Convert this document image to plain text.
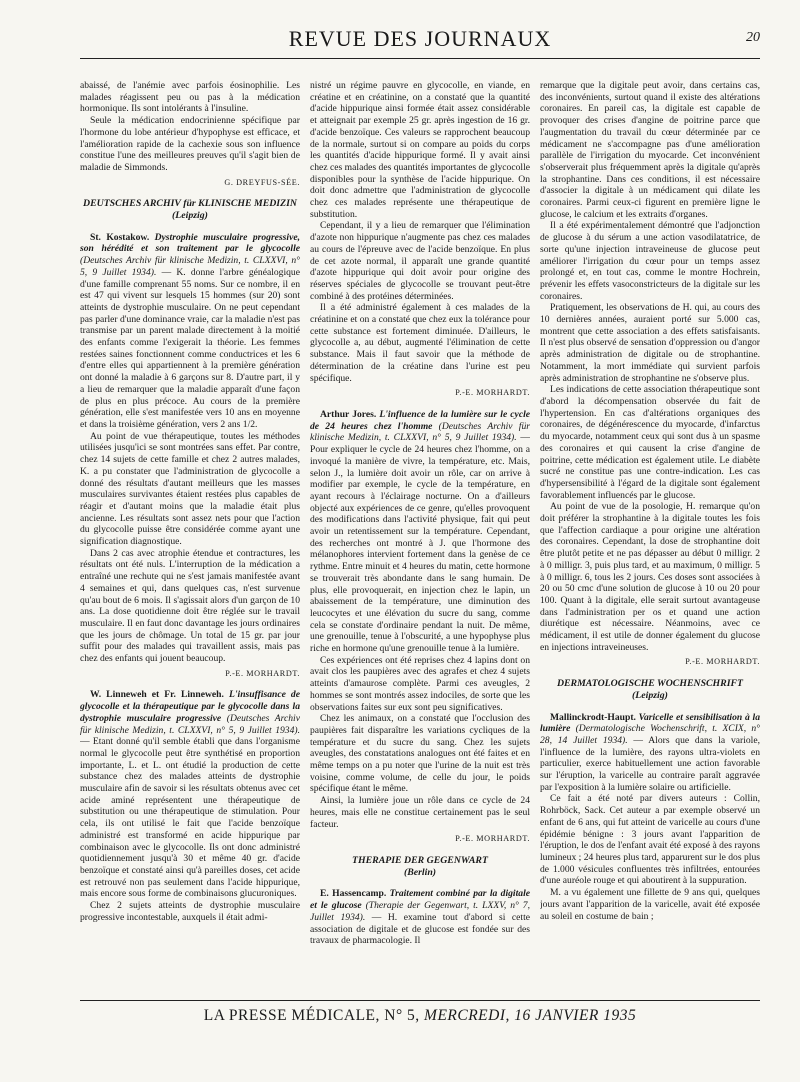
REVUE DES JOURNAUX	20

abaissé, de l'anémie avec parfois éosinophilie. Les malades réagissent peu ou pas à la médication hormonique. Ils sont intolérants à l'insuline.

Seule la médication endocrinienne spécifique par l'hormone du lobe antérieur d'hypophyse est efficace, et l'amélioration rapide de la cachexie sous son influence constitue l'une des meilleures preuves qu'il s'agit bien de maladie de Simmonds.

G. DREYFUS-SÉE.

DEUTSCHES ARCHIV für KLINISCHE MEDIZIN
(Leipzig)

St. Kostakow. Dystrophie musculaire progressive, son hérédité et son traitement par le glycocolle (Deutsches Archiv für klinische Medizin, t. CLXXVI, n° 5, 9 Juillet 1934). — K. donne l'arbre généalogique d'une famille comprenant 55 noms. Sur ce nombre, il en est 47 qui vivent sur lesquels 15 hommes (sur 20) sont atteints de dystrophie musculaire. On ne peut cependant pas parler d'une dominance vraie, car la maladie n'est pas transmise par un parent malade directement à la moitié des enfants comme l'exigerait la théorie. Les femmes restées saines fonctionnent comme conductrices et les 6 d'entre elles qui appartiennent à la première génération ont donné la maladie à 6 garçons sur 8. D'autre part, il y a lieu de remarquer que la maladie apparaît d'une façon de plus en plus précoce. Au cours de la première génération, elle s'est manifestée vers 10 ans en moyenne et dans la troisième génération, vers 2 ans 1/2.

Au point de vue thérapeutique, toutes les méthodes utilisées jusqu'ici se sont montrées sans effet. Par contre, chez 14 sujets de cette famille et chez 2 autres malades, K. a pu constater que l'administration de glycocolle a donné des résultats d'autant meilleurs que les masses musculaires survivantes étaient restées plus capables de réagir et d'autant moins que la maladie était plus ancienne. Les résultats sont assez nets pour que l'action du glycocolle puisse être considérée comme ayant une signification diagnostique.

Dans 2 cas avec atrophie étendue et contractures, les résultats ont été nuls. L'interruption de la médication a entraîné une rechute qui ne s'est jamais manifestée avant 4 semaines et qui, dans quelques cas, n'est survenue qu'au bout de 6 mois. Il s'agissait alors d'un garçon de 10 ans. La dose quotidienne doit être réglée sur le travail musculaire. Il en faut donc davantage les jours ordinaires que les jours de chômage. Un total de 15 gr. par jour suffit pour des malades qui travaillent assis, mais pas chez des enfants qui jouent beaucoup.

P.-E. MORHARDT.

W. Linneweh et Fr. Linneweh. L'insuffisance de glycocolle et la thérapeutique par le glycocolle dans la dystrophie musculaire progressive (Deutsches Archiv für klinische Medizin, t. CLXXVI, n° 5, 9 Juillet 1934). — Etant donné qu'il semble établi que dans l'organisme normal le glycocolle peut être synthétisé en proportion importante, L. et L. ont étudié la production de cette substance chez des malades atteints de dystrophie musculaire afin de savoir si les résultats obtenus avec cet acide aminé représentent une thérapeutique de substitution ou une thérapeutique de stimulation. Pour cela, ils ont utilisé le fait que l'acide benzoïque administré est transformé en acide hippurique par combinaison avec le glycocolle. Ils ont donc administré quotidiennement jusqu'à 30 et même 40 gr. d'acide benzoïque et constaté ainsi qu'à pareilles doses, cet acide est retrouvé non pas seulement dans l'acide hippurique, mais encore sous forme de combinaisons glucuroniques.

Chez 2 sujets atteints de dystrophie musculaire progressive incontestable, auxquels il était admi-

nistré un régime pauvre en glycocolle, en viande, en créatine et en créatinine, on a constaté que la quantité d'acide hippurique ainsi formée était assez considérable et atteignait par exemple 25 gr. après ingestion de 16 gr. d'acide benzoïque. Ces valeurs se rapprochent beaucoup de la normale, surtout si on compare au poids du corps les quantités d'acide hippurique formé. Il y avait ainsi chez ces malades des quantités importantes de glycocolle disponibles pour la synthèse de l'acide hippurique. On doit donc admettre que l'administration de glycocolle chez ces malades représente une thérapeutique de substitution.

Cependant, il y a lieu de remarquer que l'élimination d'azote non hippurique n'augmente pas chez ces malades au cours de l'épreuve avec de l'acide benzoïque. En plus de cet azote normal, il apparaît une grande quantité d'azote hippurique qui doit avoir pour origine des réserves spéciales de glycocolle se trouvant peut-être combiné à des protéines déterminées.

Il a été administré également à ces malades de la créatinine et on a constaté que chez eux la tolérance pour cette substance est fortement diminuée. D'ailleurs, le glycocolle a, au début, augmenté l'élimination de cette substance. Mais il faut savoir que la méthode de détermination de la créatine dans l'urine est peu spécifique.

P.-E. MORHARDT.

Arthur Jores. L'influence de la lumière sur le cycle de 24 heures chez l'homme (Deutsches Archiv für klinische Medizin, t. CLXXVI, n° 5, 9 Juillet 1934). — Pour expliquer le cycle de 24 heures chez l'homme, on a invoqué la manière de vivre, la température, etc. Mais, selon J., la lumière doit avoir un rôle, car on arrive à modifier par exemple, le cycle de la température, en ayant recours à l'éclairage nocturne. On a d'ailleurs objecté aux expériences de ce genre, qu'elles provoquent des modifications dans l'activité physique, fait qui peut avoir un retentissement sur la température. Cependant, des recherches ont montré à J. que l'hormone des mélanophores intervient fortement dans la genèse de ce rythme. Entre minuit et 4 heures du matin, cette hormone se trouverait très abondante dans le sang humain. De plus, elle provoquerait, en injection chez le lapin, un abaissement de la température, une diminution des leucocytes et une élévation du sucre du sang, comme cela se constate d'ordinaire pendant la nuit. De même, une grenouille, tenue à l'obscurité, a une hypophyse plus riche en hormone qu'une grenouille tenue à la lumière.

Ces expériences ont été reprises chez 4 lapins dont on avait clos les paupières avec des agrafes et chez 4 sujets atteints d'amaurose complète. Parmi ces aveugles, 2 hommes se sont montrés assez indociles, de sorte que les observations faites sur eux sont peu significatives.

Chez les animaux, on a constaté que l'occlusion des paupières fait disparaître les variations cycliques de la température et du sucre du sang. Chez les sujets aveugles, des constatations analogues ont été faites et en même temps on a pu noter que l'urine de la nuit est très voisine, comme volume, de celle du jour, le poids spécifique étant le même.

Ainsi, la lumière joue un rôle dans ce cycle de 24 heures, mais elle ne constitue certainement pas le seul facteur.

P.-E. MORHARDT.

THERAPIE DER GEGENWART
(Berlin)

E. Hassencamp. Traitement combiné par la digitale et le glucose (Therapie der Gegenwart, t. LXXV, n° 7, Juillet 1934). — H. examine tout d'abord si cette association de digitale et de glucose est fondée sur des travaux de pharmacologie. Il

remarque que la digitale peut avoir, dans certains cas, des inconvénients, surtout quand il existe des altérations coronaires. En pareil cas, la digitale est capable de provoquer des crises d'angine de poitrine parce que l'augmentation du travail du cœur déterminée par ce médicament ne s'accompagne pas d'une amélioration parallèle de l'irrigation du myocarde. Cet inconvénient s'observerait plus fréquemment après la digitale qu'après la strophantine. Dans ces conditions, il est nécessaire d'associer la digitale à un médicament qui dilate les coronaires. Parmi ceux-ci figurent en première ligne le glucose, le calcium et les extraits d'organes.

Il a été expérimentalement démontré que l'adjonction de glucose à du sérum a une action vasodilatatrice, de sorte qu'une injection intraveineuse de glucose peut améliorer l'irrigation du cœur pour un temps assez prolongé et, en tout cas, comme le montre Hochrein, prévenir les effets vasoconstricteurs de la digitale sur les coronaires.

Pratiquement, les observations de H. qui, au cours des 10 dernières années, auraient porté sur 5.000 cas, montrent que cette association a des effets satisfaisants. Il n'est plus observé de sensation d'oppression ou d'angor après administration de digitale ou de strophantine. Notamment, la mort immédiate qui survient parfois après administration de strophantine ne s'observe plus.

Les indications de cette association thérapeutique sont d'abord la décompensation observée du fait de l'hypertension. En cas d'altérations organiques des coronaires, de dégénérescence du myocarde, d'infarctus du myocarde, notamment ceux qui sont dus à un spasme des coronaires et qui causent la crise d'angine de poitrine, cette médication est également utile. Le diabète sucré ne constitue pas une contre-indication. Les cas d'hypersensibilité à l'égard de la digitale sont également favorablement influencés par le glucose.

Au point de vue de la posologie, H. remarque qu'on doit préférer la strophantine à la digitale toutes les fois que l'affection cardiaque a pour origine une altération des coronaires. Cependant, la dose de strophantine doit être plutôt petite et ne pas dépasser au début 0 milligr. 2 à 0 milligr. 3, puis plus tard, et au maximum, 0 milligr. 5 à 0 milligr. 6, tous les 2 jours. Ces doses sont associées à 20 ou 50 cmc d'une solution de glucose à 10 ou 20 pour 100. Quant à la digitale, elle serait surtout avantageuse dans l'administration per os et quand une action diurétique est nécessaire. Néanmoins, avec ce médicament, il est utile de donner également du glucose en injections intraveineuses.

P.-E. MORHARDT.

DERMATOLOGISCHE WOCHENSCHRIFT
(Leipzig)

Mallinckrodt-Haupt. Varicelle et sensibilisation à la lumière (Dermatologische Wochenschrift, t. XCIX, n° 28, 14 Juillet 1934). — Alors que dans la variole, l'influence de la lumière, des rayons ultra-violets en particulier, exerce habituellement une action favorable sur l'éruption, la varicelle au contraire paraît aggravée par l'exposition à la lumière solaire ou artificielle.

Ce fait a été noté par divers auteurs : Collin, Rohrböck, Sack. Cet auteur a par exemple observé un enfant de 6 ans, qui fut atteint de varicelle au cours d'une épidémie bénigne : 3 jours avant l'apparition de l'éruption, le dos de l'enfant avait été exposé à des rayons lumineux ; 24 heures plus tard, apparurent sur le dos plus de 1.000 vésicules confluentes très infiltrées, entourées d'une auréole rouge et qui aboutirent à la suppuration.

M. a vu également une fillette de 9 ans qui, quelques jours avant l'apparition de la varicelle, avait été exposée au soleil en costume de bain ;

LA PRESSE MÉDICALE, N° 5, MERCREDI, 16 JANVIER 1935
